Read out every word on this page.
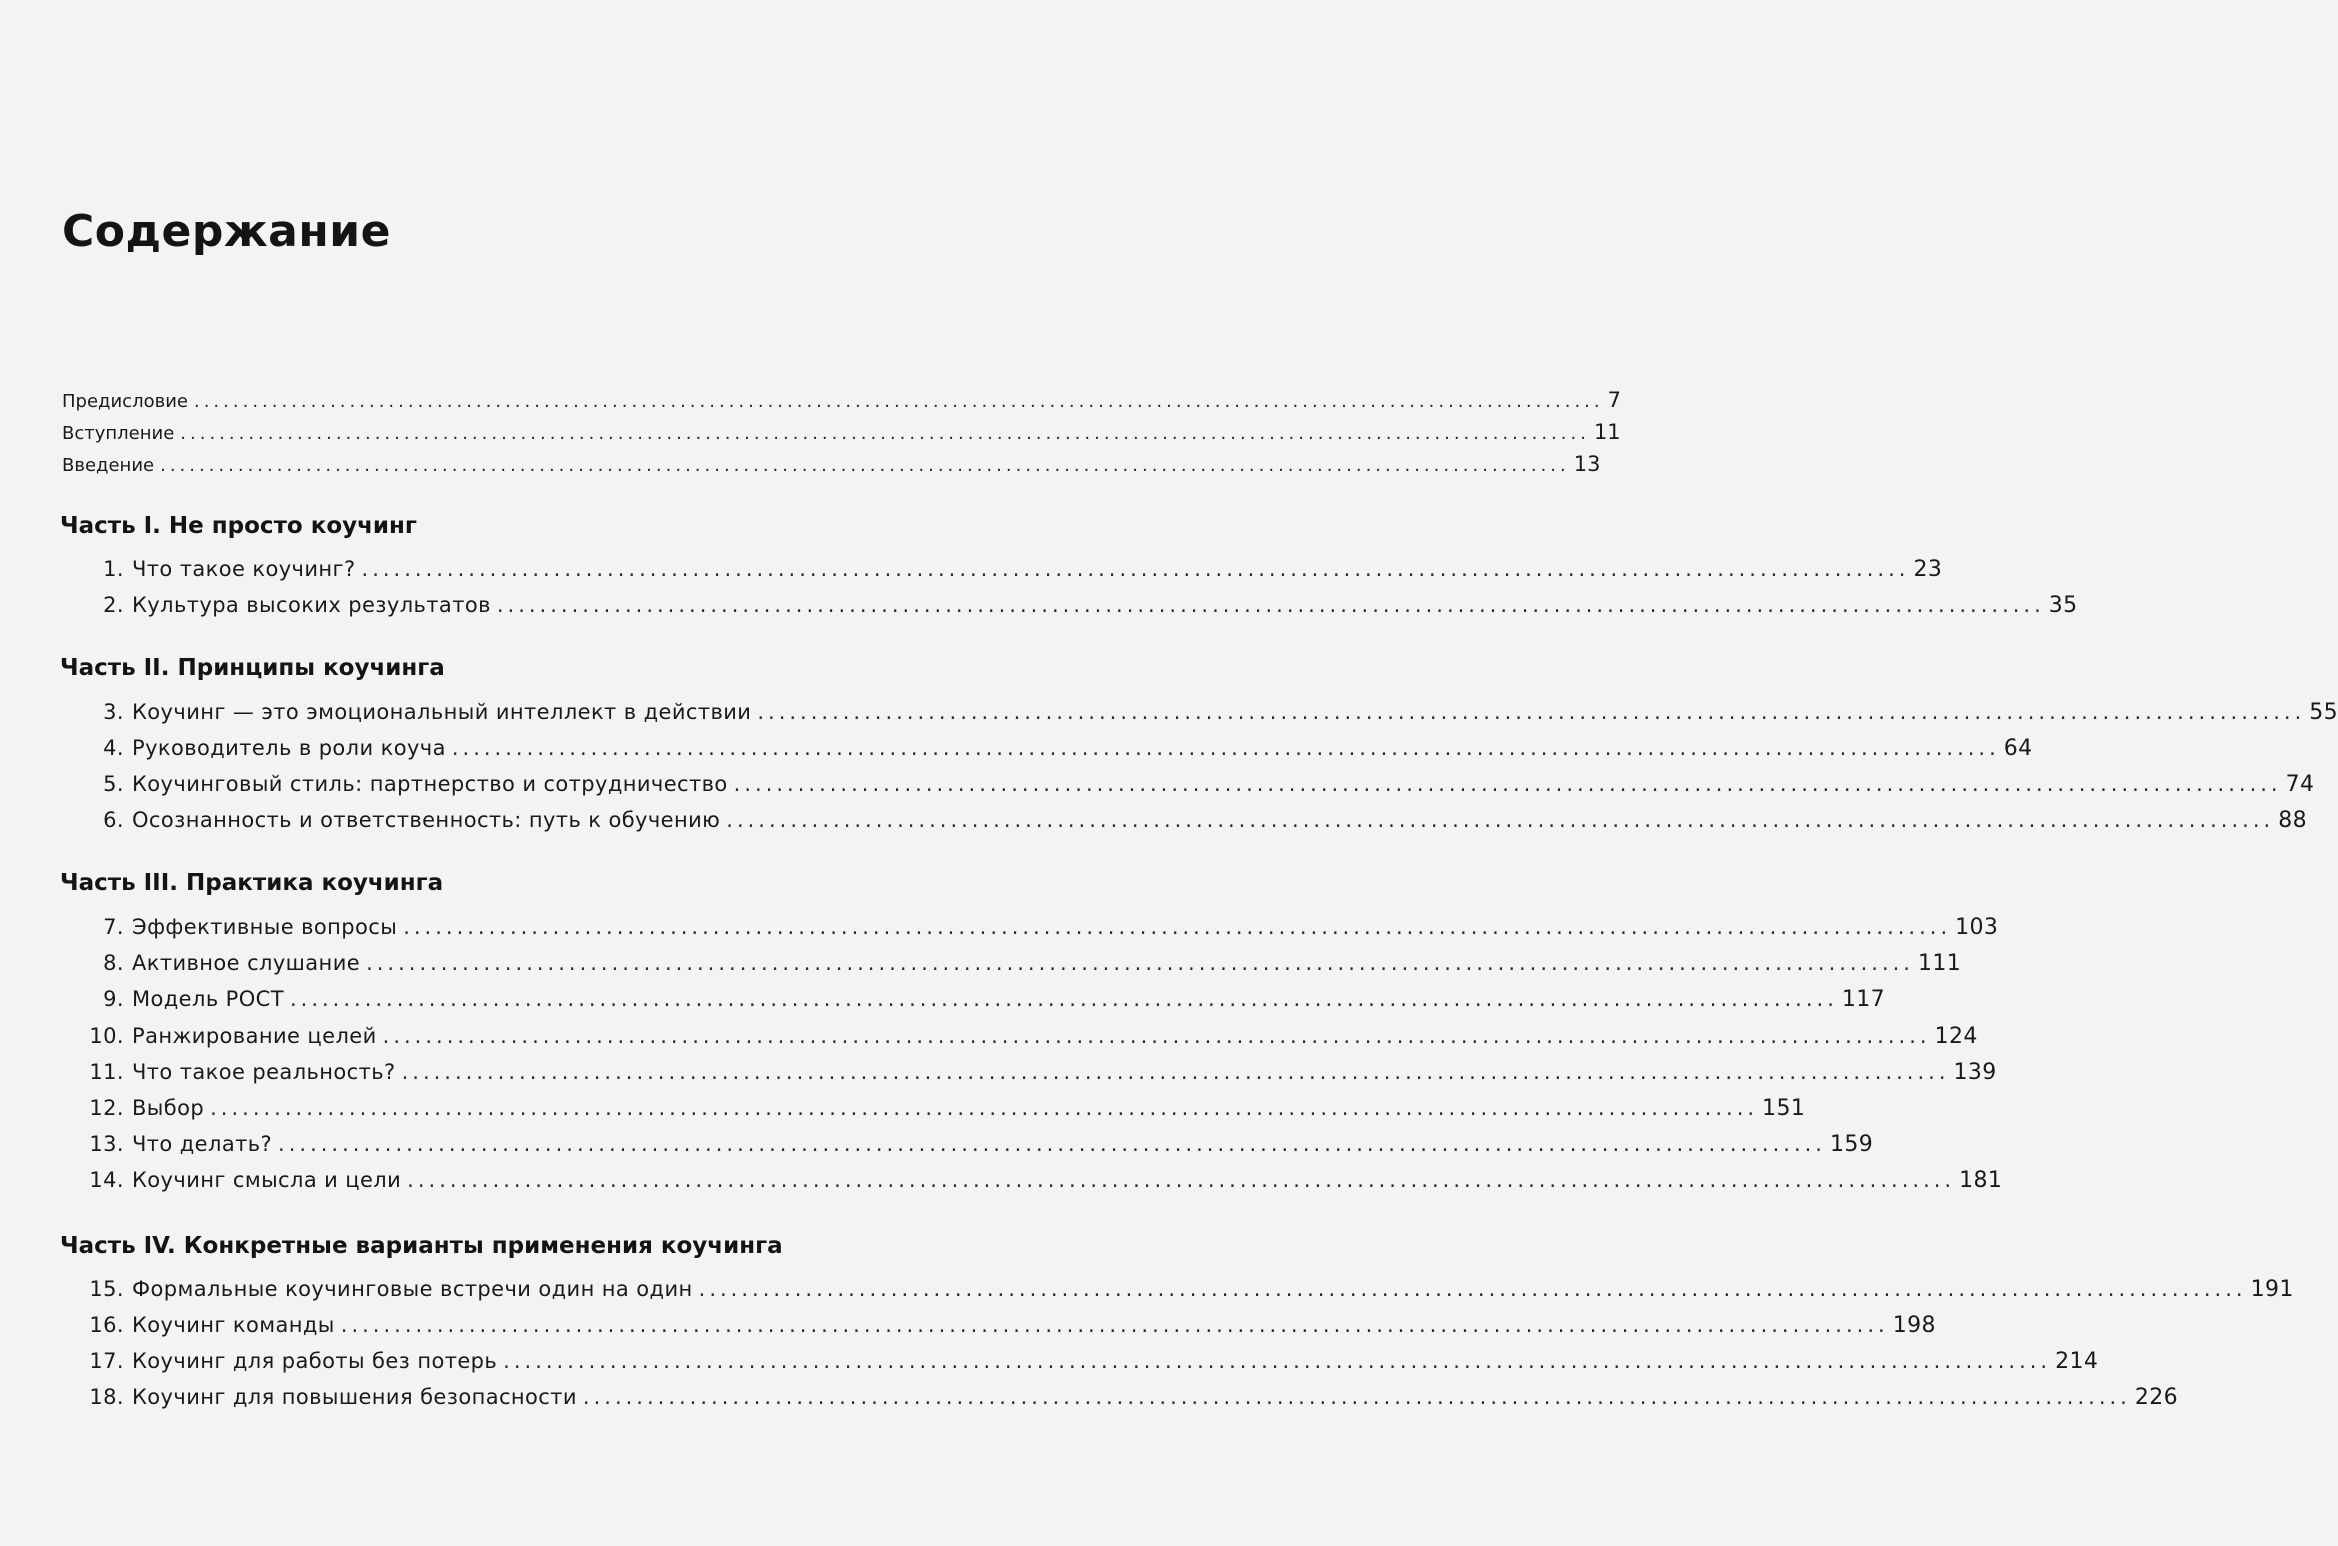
Содержание
Предисловие ................................................................................................................................................. 7
Вступление ................................................................................................................................................. 11
Введение ................................................................................................................................................. 13
Часть I. Не просто коучинг
1. Что такое коучинг? ................................................................................................................................................. 23
2. Культура высоких результатов ................................................................................................................................................. 35
Часть II. Принципы коучинга
3. Коучинг — это эмоциональный интеллект в действии ................................................................................................................................................. 55
4. Руководитель в роли коуча ................................................................................................................................................. 64
5. Коучинговый стиль: партнерство и сотрудничество ................................................................................................................................................. 74
6. Осознанность и ответственность: путь к обучению ................................................................................................................................................. 88
Часть III. Практика коучинга
7. Эффективные вопросы ................................................................................................................................................. 103
8. Активное слушание ................................................................................................................................................. 111
9. Модель РОСТ ................................................................................................................................................. 117
10. Ранжирование целей ................................................................................................................................................. 124
11. Что такое реальность? ................................................................................................................................................. 139
12. Выбор ................................................................................................................................................. 151
13. Что делать? ................................................................................................................................................. 159
14. Коучинг смысла и цели ................................................................................................................................................. 181
Часть IV. Конкретные варианты применения коучинга
15. Формальные коучинговые встречи один на один ................................................................................................................................................. 191
16. Коучинг команды ................................................................................................................................................. 198
17. Коучинг для работы без потерь ................................................................................................................................................. 214
18. Коучинг для повышения безопасности ................................................................................................................................................. 226
